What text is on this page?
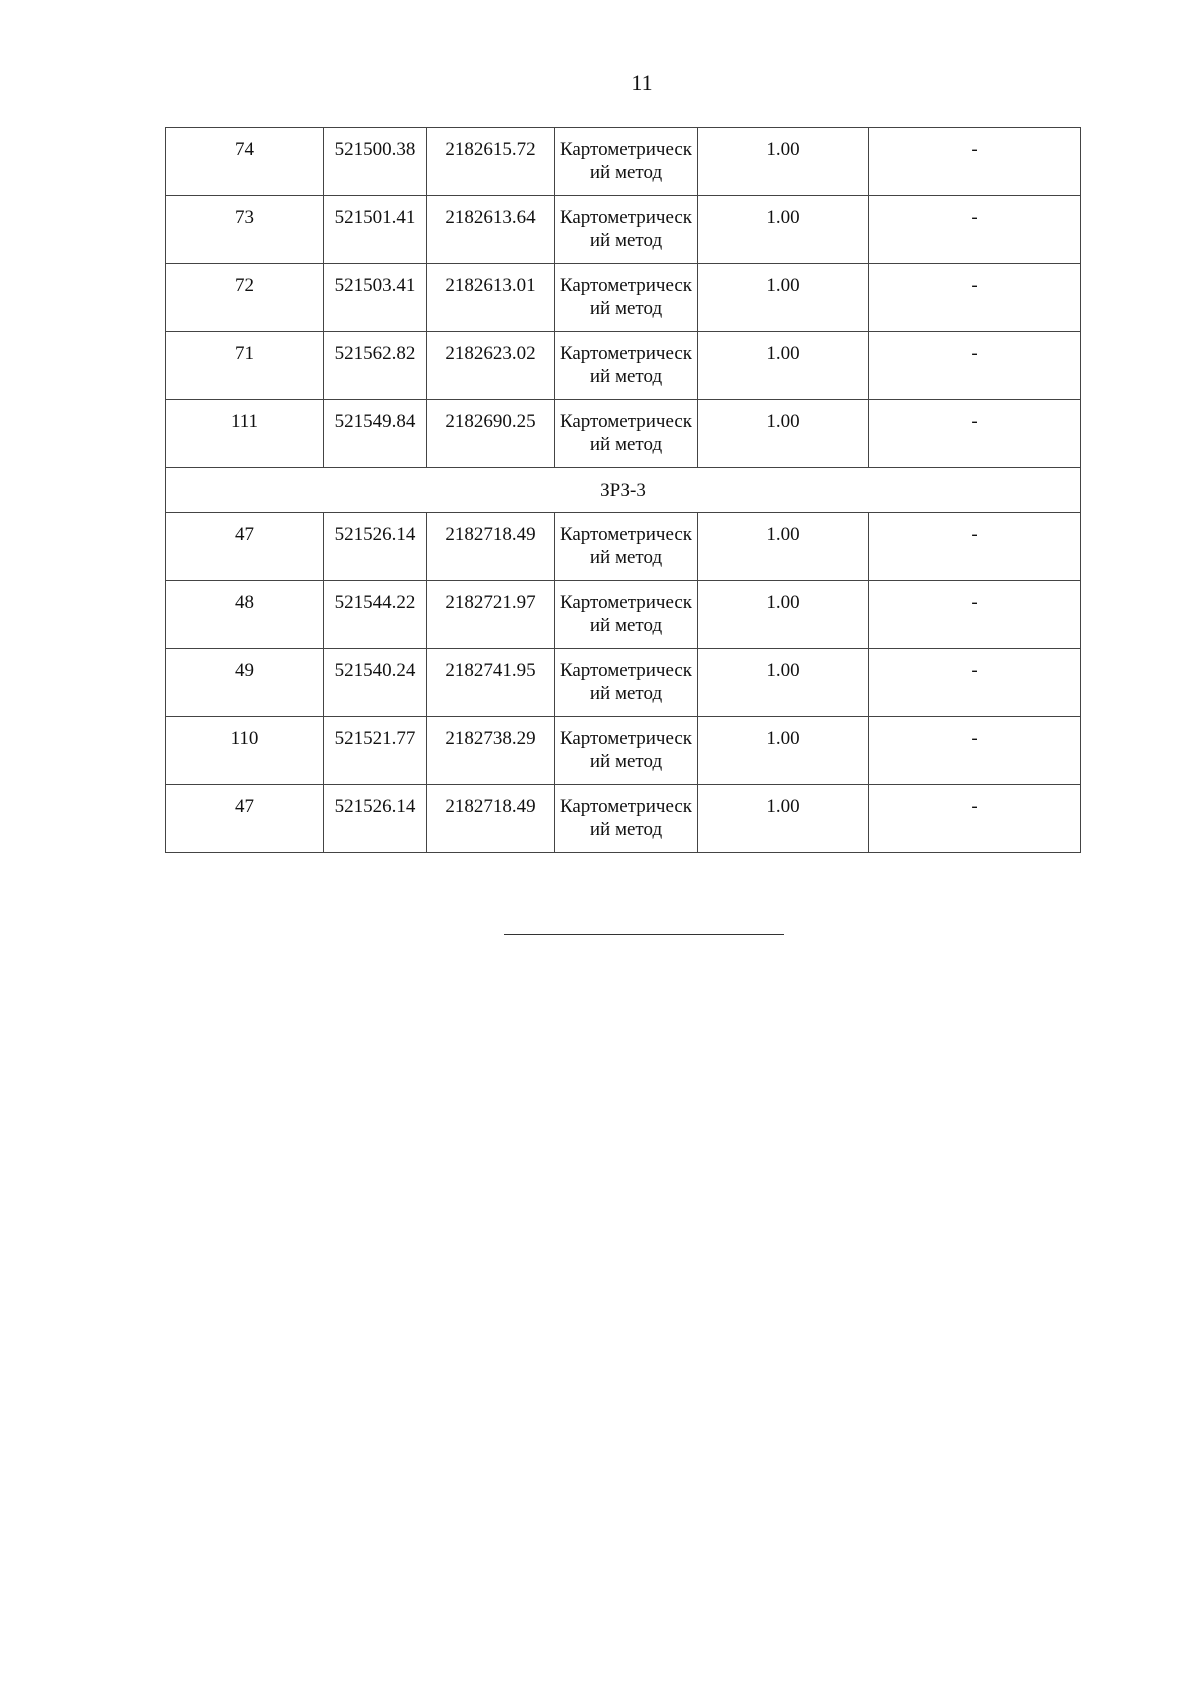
11
74	521500.38	2182615.72	Картометрический метод	1.00	-
73	521501.41	2182613.64	Картометрический метод	1.00	-
72	521503.41	2182613.01	Картометрический метод	1.00	-
71	521562.82	2182623.02	Картометрический метод	1.00	-
111	521549.84	2182690.25	Картометрический метод	1.00	-
ЗРЗ-3					
47	521526.14	2182718.49	Картометрический метод	1.00	-
48	521544.22	2182721.97	Картометрический метод	1.00	-
49	521540.24	2182741.95	Картометрический метод	1.00	-
110	521521.77	2182738.29	Картометрический метод	1.00	-
47	521526.14	2182718.49	Картометрический метод	1.00	-
